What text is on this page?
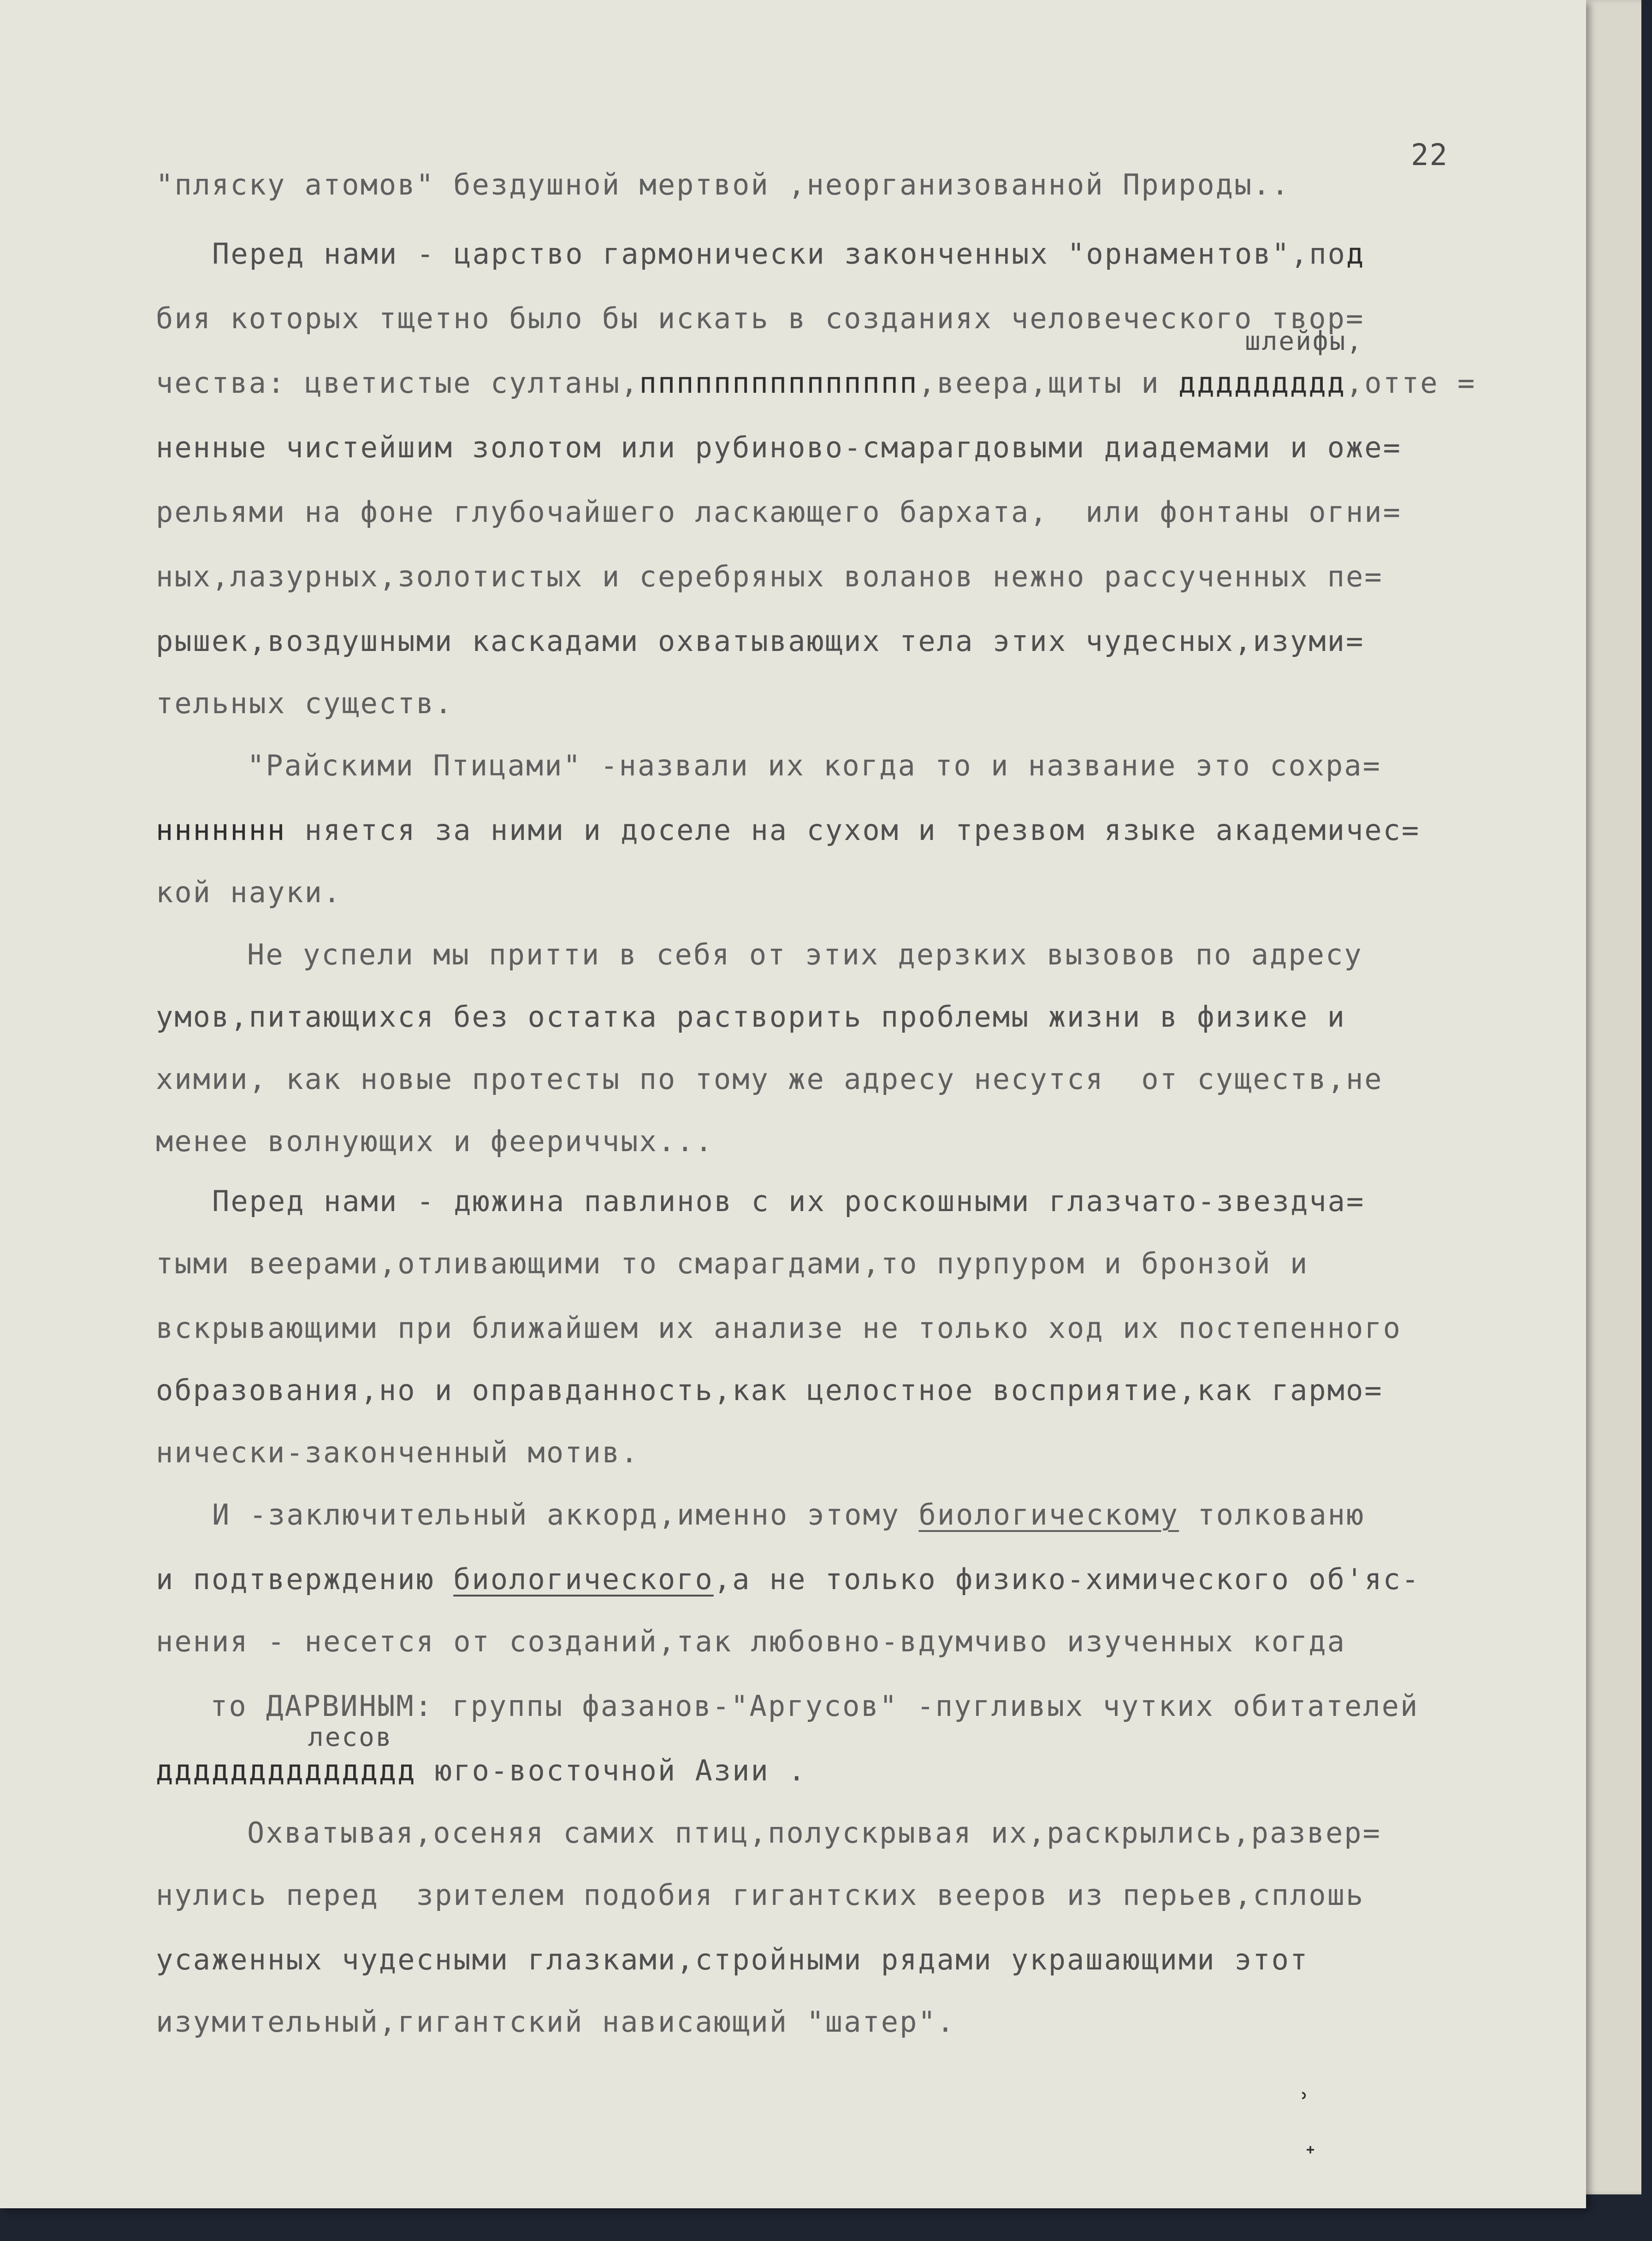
22
"пляску атомов" бездушной мертвой ,неорганизованной Природы..
Перед нами - царство гармонически законченных "орнаментов",под
бия которых тщетно было бы искать в созданиях человеческого твор=
чества: цветистые султаны,ппппппппппппппп,веера,щиты и ддддддддд,отте =
ненные чистейшим золотом или рубиново-смарагдовыми диадемами и оже=
рельями на фоне глубочайшего ласкающего бархата,  или фонтаны огни=
ных,лазурных,золотистых и серебряных воланов нежно рассученных пе=
рышек,воздушными каскадами охватывающих тела этих чудесных,изуми=
тельных существ.
"Райскими Птицами" -назвали их когда то и название это сохра=
ннннннн няется за ними и доселе на сухом и трезвом языке академичес=
кой науки.
Не успели мы притти в себя от этих дерзких вызовов по адресу
умов,питающихся без остатка растворить проблемы жизни в физике и
химии, как новые протесты по тому же адресу несутся  от существ,не
менее волнующих и феериччых...
Перед нами - дюжина павлинов с их роскошными глазчато-звездча=
тыми веерами,отливающими то смарагдами,то пурпуром и бронзой и
вскрывающими при ближайшем их анализе не только ход их постепенного
образования,но и оправданность,как целостное восприятие,как гармо=
нически-законченный мотив.
И -заключительный аккорд,именно этому биологическому толкованю
и подтверждению биологического,а не только физико-химического об'яс-
нения - несется от созданий,так любовно-вдумчиво изученных когда
то ДАРВИНЫМ: группы фазанов-"Аргусов" -пугливых чутких обитателей
дддддддддддддд юго-восточной Азии .
Охватывая,осеняя самих птиц,полускрывая их,раскрылись,развер=
нулись перед  зрителем подобия гигантских вееров из перьев,сплошь
усаженных чудесными глазками,стройными рядами украшающими этот
изумительный,гигантский нависающий "шатер".
шлейфы,
лесов
ʾ
ᐩ
